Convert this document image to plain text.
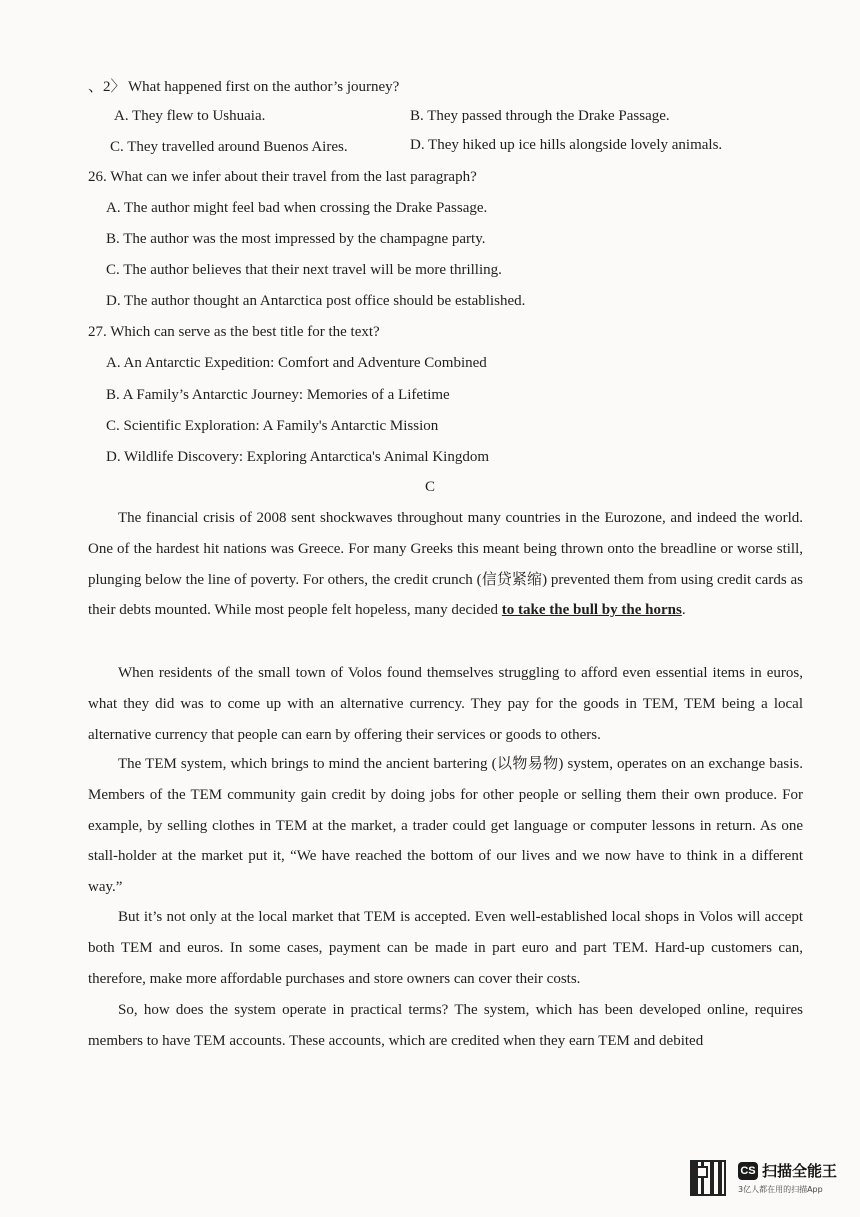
、2〉 What happened first on the author’s journey?
A. They flew to Ushuaia.	B. They passed through the Drake Passage.
C. They travelled around Buenos Aires.	D. They hiked up ice hills alongside lovely animals.
26. What can we infer about their travel from the last paragraph?
A. The author might feel bad when crossing the Drake Passage.
B. The author was the most impressed by the champagne party.
C. The author believes that their next travel will be more thrilling.
D. The author thought an Antarctica post office should be established.
27. Which can serve as the best title for the text?
A. An Antarctic Expedition: Comfort and Adventure Combined
B. A Family’s Antarctic Journey: Memories of a Lifetime
C. Scientific Exploration: A Family's Antarctic Mission
D. Wildlife Discovery: Exploring Antarctica's Animal Kingdom
C
The financial crisis of 2008 sent shockwaves throughout many countries in the Eurozone, and indeed the world. One of the hardest hit nations was Greece. For many Greeks this meant being thrown onto the breadline or worse still, plunging below the line of poverty. For others, the credit crunch (信贷紧缩) prevented them from using credit cards as their debts mounted. While most people felt hopeless, many decided to take the bull by the horns.
When residents of the small town of Volos found themselves struggling to afford even essential items in euros, what they did was to come up with an alternative currency. They pay for the goods in TEM, TEM being a local alternative currency that people can earn by offering their services or goods to others.
The TEM system, which brings to mind the ancient bartering (以物易物) system, operates on an exchange basis. Members of the TEM community gain credit by doing jobs for other people or selling them their own produce. For example, by selling clothes in TEM at the market, a trader could get language or computer lessons in return. As one stall-holder at the market put it, “We have reached the bottom of our lives and we now have to think in a different way.”
But it’s not only at the local market that TEM is accepted. Even well-established local shops in Volos will accept both TEM and euros. In some cases, payment can be made in part euro and part TEM. Hard-up customers can, therefore, make more affordable purchases and store owners can cover their costs.
So, how does the system operate in practical terms? The system, which has been developed online, requires members to have TEM accounts. These accounts, which are credited when they earn TEM and debited
CS 扫描全能王
3亿人都在用的扫描App
